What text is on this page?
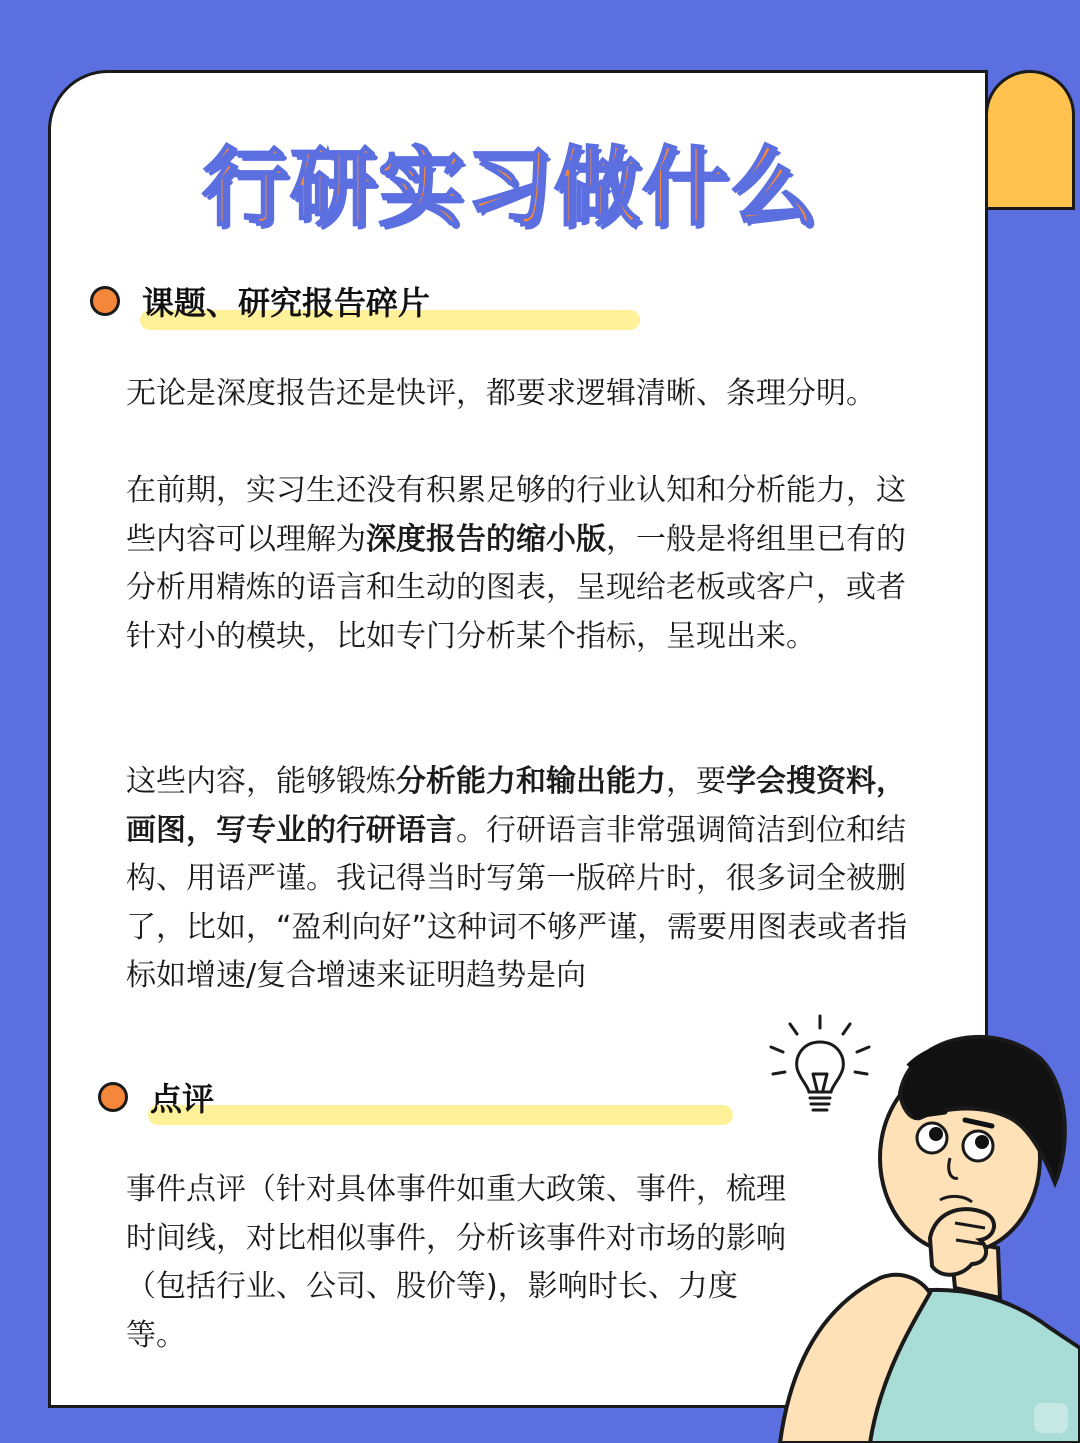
行研实习做什么
课题、研究报告碎片
无论是深度报告还是快评，都要求逻辑清晰、条理分明。
在前期，实习生还没有积累足够的行业认知和分析能力，这些内容可以理解为深度报告的缩小版，一般是将组里已有的分析用精炼的语言和生动的图表，呈现给老板或客户，或者针对小的模块，比如专门分析某个指标，呈现出来。
这些内容，能够锻炼分析能力和输出能力，要学会搜资料，画图，写专业的行研语言。行研语言非常强调简洁到位和结构、用语严谨。我记得当时写第一版碎片时，很多词全被删了，比如，“盈利向好”这种词不够严谨，需要用图表或者指标如增速/复合增速来证明趋势是向
点评
事件点评（针对具体事件如重大政策、事件，梳理时间线，对比相似事件，分析该事件对市场的影响（包括行业、公司、股价等)，影响时长、力度等。
